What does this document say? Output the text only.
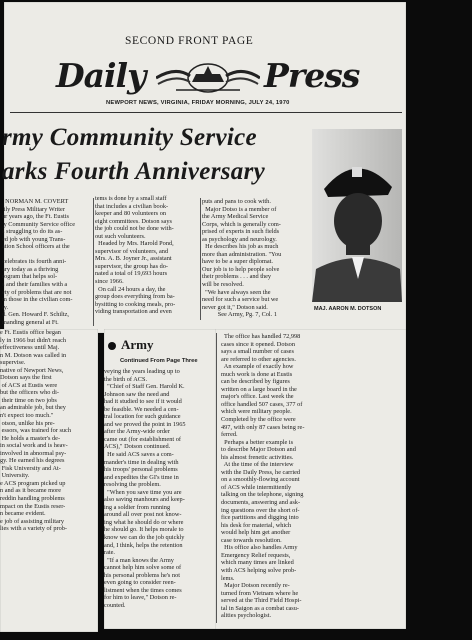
SECOND FRONT PAGE
Daily	Press
NEWPORT NEWS, VIRGINIA, FRIDAY MORNING, JULY 24, 1970
rmy Community Service
arks Fourth Anniversary
NORMAN M. COVERT
ily Press Military Writer
ur years ago, the Ft. Eustis
y Community Service office
s struggling to do its as-
ed job with young Trans-
ation School officers at the

celebrates its fourth anni-
ary today as a thriving
rogram that helps sol-
s and their families with a
ety of problems that are not
m those in the civilian com-
ty.
d. Gen. Howard F. Schiltz,
manding general at Ft.

tems is done by a small staff
that includes a civilian book-
keeper and 80 volunteers on
eight committees. Dotson says
the job could not be done with-
out such volunteers.
Headed by Mrs. Harold Pond,
supervisor of volunteers, and
Mrs. A. B. Joyner Jr., assistant
supervisor, the group has do-
nated a total of 19,693 hours
since 1966.
On call 24 hours a day, the
group does everything from ba-
bysitting to cooking meals, pro-
viding transportation and even
puts and pans to cook with.
Major Dotso is a member of
the Army Medical Service
Corps, which is generally com-
prised of experts in such fields
as psychology and neurology.
He describes his job as much
more than administration. "You
have to be a super diplomat.
Our job is to help people solve
their problems . . . and they
will be resolved.
"We have always seen the
need for such a service but we
never got it," Dotson said.
See Army, Pg. 7, Col. 1
MAJ. AARON M. DOTSON
e Ft. Eustis office began
ly in 1966 but didn't reach
effectiveness until Maj.
n M. Dotson was called in
supervise.
native of Newport News,
Dotson says the first
of ACS at Eustis were
but the officers who di-
their time on two jobs
an admirable job, but they
n't expect too much."
otson, unlike his pre-
essors, was trained for such
He holds a master's de-
in social work and is heav-
involved in abnormal psy-
gy. He earned his degrees
Fisk University and At-
University.
e ACS program picked up
n and as it became more
reddin handling problems
mpact on the Eustis reser-
n became evident.
e job of assisting military
lies with a variety of prob-

Army
Continued From Page Three
veying the years leading up to
the birth of ACS.
"Chief of Staff Gen. Harold K.
Johnson saw the need and
had it studied to see if it would
be feasible. We needed a cen-
tral location for such guidance
and we proved the point in 1965
after the Army-wide order
came out (for establishment of
ACS)," Dotson continued.
He said ACS saves a com-
mander's time in dealing with
his troops' personal problems
and expedites the GI's time in
resolving the problem.
"When you save time you are
also saving manhours and keep-
ing a soldier from running
around all over post not know-
ing what he should do or where
he should go. It helps morale to
know we can do the job quickly
and, I think, helps the retention
rate.
"If a man knows the Army
cannot help him solve some of
his personal problems he's not
even going to consider reen-
listment when the times comes
for him to leave," Dotson re-
counted.
The office has handled 72,998
cases since it opened. Dotson
says a small number of cases
are referred to other agencies.
An example of exactly how
much work is done at Eustis
can be described by figures
written on a large board in the
major's office. Last week the
office handled 507 cases, 377 of
which were military people.
Completed by the office were
497, with only 87 cases being re-
ferred.
Perhaps a better example is
to describe Major Dotson and
his almost frenetic activities.
At the time of the interview
with the Daily Press, he carried
on a smoothly-flowing account
of ACS while intermittently
talking on the telephone, signing
documents, answering and ask-
ing questions over the short of-
fice partitions and digging into
his desk for material, which
would help him get another
case towards resolution.
His office also handles Army
Emergency Relief requests,
which many times are linked
with ACS helping solve prob-
lems.
Major Dotson recently re-
turned from Vietnam where he
served at the Third Field Hospi-
tal in Saigon as a combat casu-
alities psychologist.
